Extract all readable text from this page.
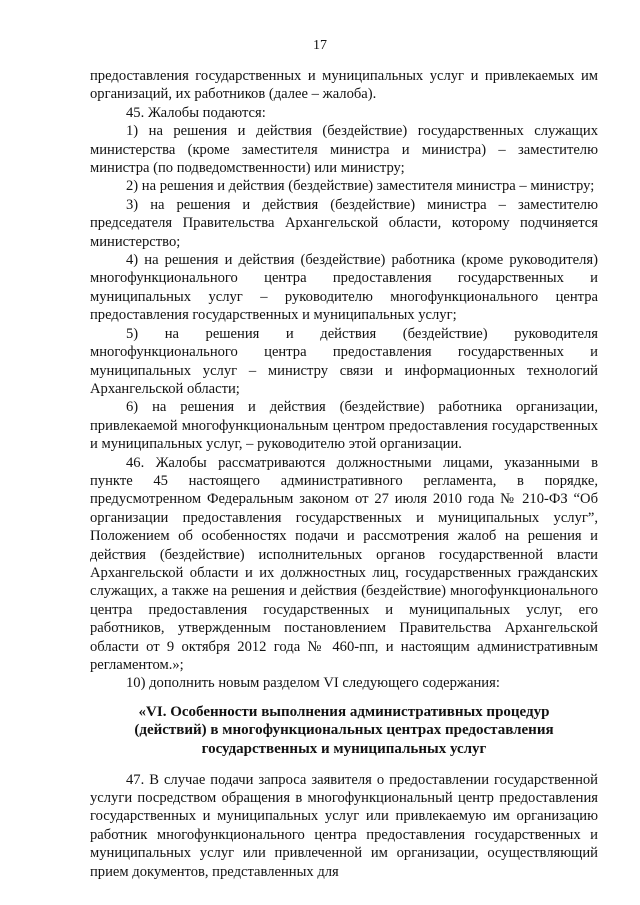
17

предоставления государственных и муниципальных услуг и привлекаемых им организаций, их работников (далее – жалоба).

45. Жалобы подаются:

1) на решения и действия (бездействие) государственных служащих министерства (кроме заместителя министра и министра) – заместителю министра (по подведомственности) или министру;

2) на решения и действия (бездействие) заместителя министра – министру;

3) на решения и действия (бездействие) министра – заместителю председателя Правительства Архангельской области, которому подчиняется министерство;

4) на решения и действия (бездействие) работника (кроме руководителя) многофункционального центра предоставления государственных и муниципальных услуг – руководителю многофункционального центра предоставления государственных и муниципальных услуг;

5) на решения и действия (бездействие) руководителя многофункционального центра предоставления государственных и муниципальных услуг – министру связи и информационных технологий Архангельской области;

6) на решения и действия (бездействие) работника организации, привлекаемой многофункциональным центром предоставления государственных и муниципальных услуг, – руководителю этой организации.

46. Жалобы рассматриваются должностными лицами, указанными в пункте 45 настоящего административного регламента, в порядке, предусмотренном Федеральным законом от 27 июля 2010 года № 210-ФЗ “Об организации предоставления государственных и муниципальных услуг”, Положением об особенностях подачи и рассмотрения жалоб на решения и действия (бездействие) исполнительных органов государственной власти Архангельской области и их должностных лиц, государственных гражданских служащих, а также на решения и действия (бездействие) многофункционального центра предоставления государственных и муниципальных услуг, его работников, утвержденным постановлением Правительства Архангельской области от 9 октября 2012 года № 460-пп, и настоящим административным регламентом.»;

10) дополнить новым разделом VI следующего содержания:

«VI. Особенности выполнения административных процедур
(действий) в многофункциональных центрах предоставления
государственных и муниципальных услуг

47. В случае подачи запроса заявителя о предоставлении государственной услуги посредством обращения в многофункциональный центр предоставления государственных и муниципальных услуг или привлекаемую им организацию работник многофункционального центра предоставления государственных и муниципальных услуг или привлеченной им организации, осуществляющий прием документов, представленных для
